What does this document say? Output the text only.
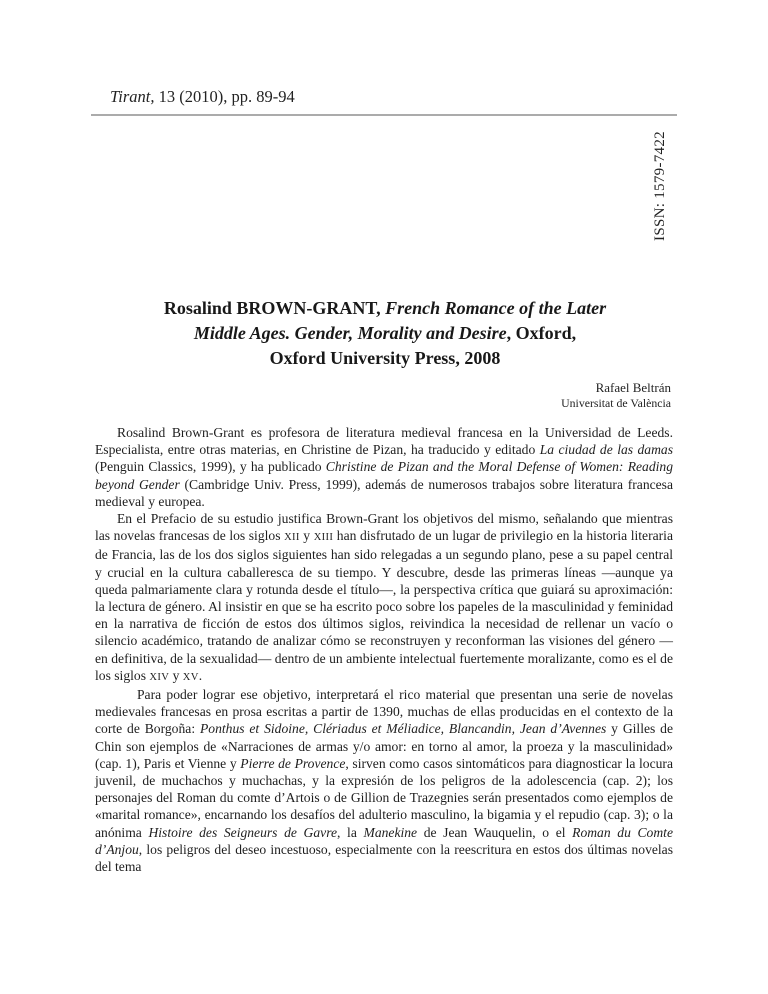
Tirant, 13 (2010), pp. 89-94
ISSN: 1579-7422
Rosalind BROWN-GRANT, French Romance of the Later
Middle Ages. Gender, Morality and Desire, Oxford,
Oxford University Press, 2008
Rafael Beltrán
Universitat de València

Rosalind Brown-Grant es profesora de literatura medieval francesa en la Universidad de Leeds. Especialista, entre otras materias, en Christine de Pizan, ha traducido y editado La ciudad de las damas (Penguin Classics, 1999), y ha publicado Christine de Pizan and the Moral Defense of Women: Reading beyond Gender (Cambridge Univ. Press, 1999), además de numerosos trabajos sobre literatura francesa medieval y europea.

En el Prefacio de su estudio justifica Brown-Grant los objetivos del mismo, señalando que mientras las novelas francesas de los siglos XII y XIII han disfrutado de un lugar de privilegio en la historia literaria de Francia, las de los dos siglos siguientes han sido relegadas a un segundo plano, pese a su papel central y crucial en la cultura caballeresca de su tiempo. Y descubre, desde las primeras líneas —aunque ya queda palmariamente clara y rotunda desde el título—, la perspectiva crítica que guiará su aproximación: la lectura de género. Al insistir en que se ha escrito poco sobre los papeles de la masculinidad y feminidad en la narrativa de ficción de estos dos últimos siglos, reivindica la necesidad de rellenar un vacío o silencio académico, tratando de analizar cómo se reconstruyen y reconforman las visiones del género —en definitiva, de la sexualidad— dentro de un ambiente intelectual fuertemente moralizante, como es el de los siglos XIV y XV.

Para poder lograr ese objetivo, interpretará el rico material que presentan una serie de novelas medievales francesas en prosa escritas a partir de 1390, muchas de ellas producidas en el contexto de la corte de Borgoña: Ponthus et Sidoine, Clériadus et Méliadice, Blancandin, Jean d’Avennes y Gilles de Chin son ejemplos de «Narraciones de armas y/o amor: en torno al amor, la proeza y la masculinidad» (cap. 1), Paris et Vienne y Pierre de Provence, sirven como casos sintomáticos para diagnosticar la locura juvenil, de muchachos y muchachas, y la expresión de los peligros de la adolescencia (cap. 2); los personajes del Roman du comte d’Artois o de Gillion de Trazegnies serán presentados como ejemplos de «marital romance», encarnando los desafíos del adulterio masculino, la bigamia y el repudio (cap. 3); o la anónima Histoire des Seigneurs de Gavre, la Manekine de Jean Wauquelin, o el Roman du Comte d’Anjou, los peligros del deseo incestuoso, especialmente con la reescritura en estos dos últimas novelas del tema
